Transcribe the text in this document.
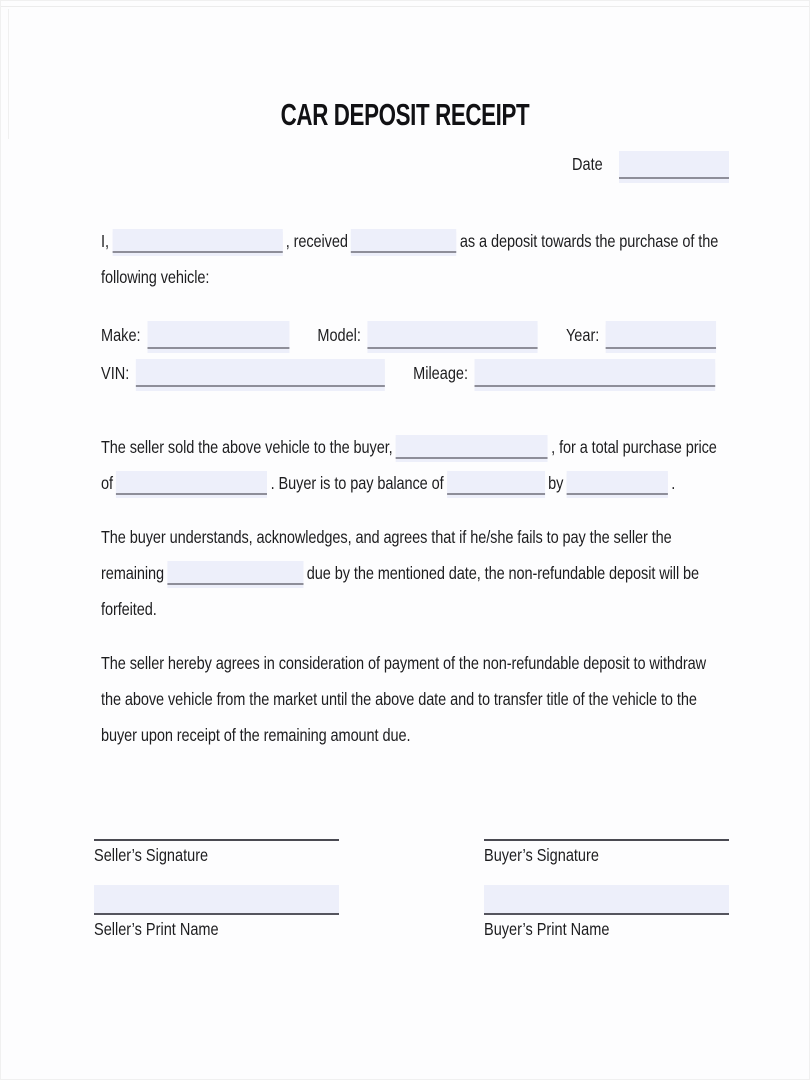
CAR DEPOSIT RECEIPT
Date

I,	, received	as a deposit towards the purchase of the following vehicle:

Make:	Model:	Year:
VIN:	Mileage:

The seller sold the above vehicle to the buyer,	, for a total purchase price of	. Buyer is to pay balance of	by	.

The buyer understands, acknowledges, and agrees that if he/she fails to pay the seller the remaining	due by the mentioned date, the non-refundable deposit will be forfeited.

The seller hereby agrees in consideration of payment of the non-refundable deposit to withdraw the above vehicle from the market until the above date and to transfer title of the vehicle to the buyer upon receipt of the remaining amount due.

Seller’s Signature
Seller’s Print Name
Buyer’s Signature
Buyer’s Print Name
